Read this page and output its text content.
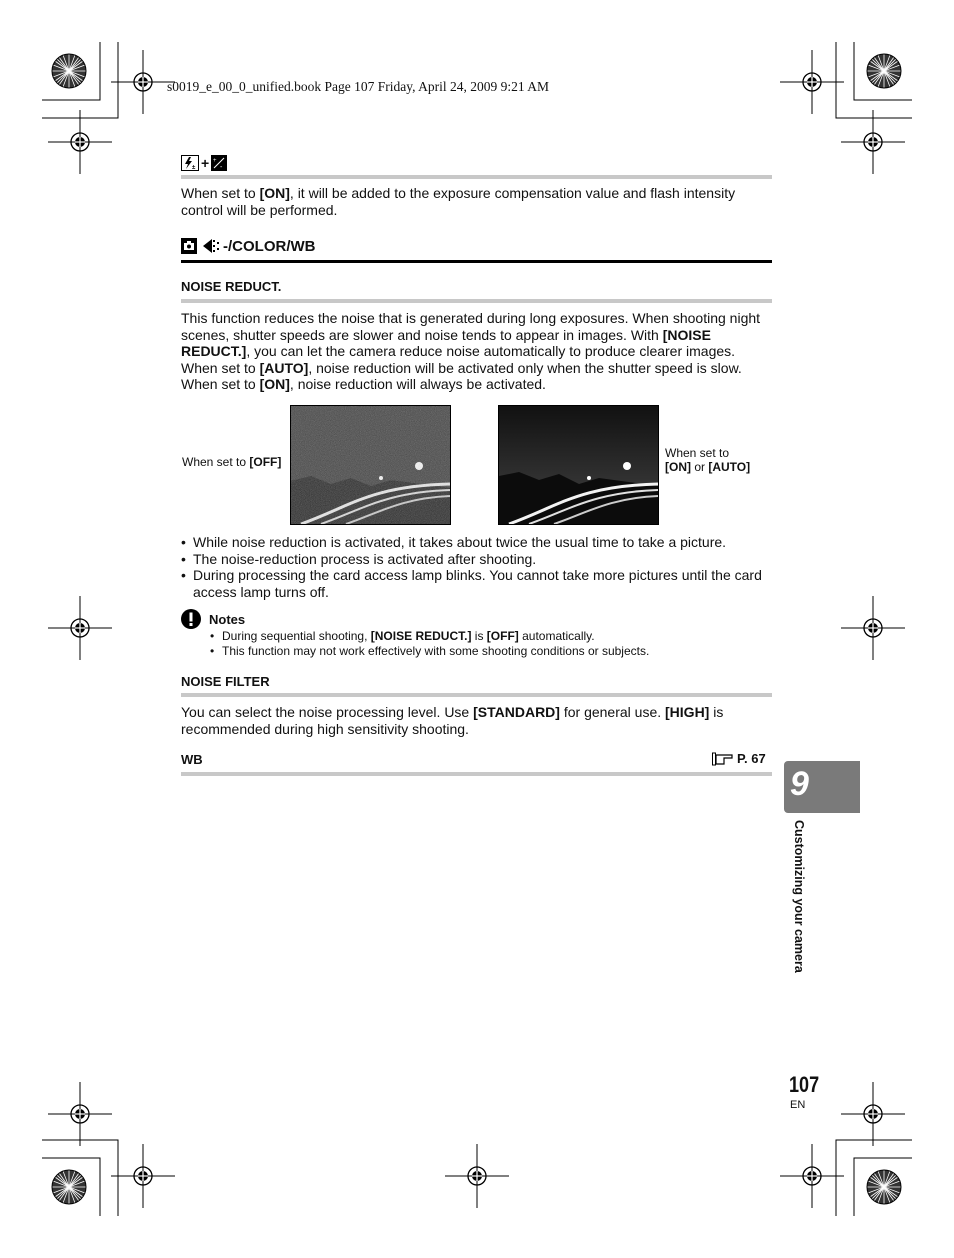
s0019_e_00_0_unified.book Page 107 Friday, April 24, 2009 9:21 AM
± + +
-
When set to [ON], it will be added to the exposure compensation value and flash intensity control will be performed.
-/COLOR/WB
NOISE REDUCT.
This function reduces the noise that is generated during long exposures. When shooting night scenes, shutter speeds are slower and noise tends to appear in images. With [NOISE REDUCT.], you can let the camera reduce noise automatically to produce clearer images. When set to [AUTO], noise reduction will be activated only when the shutter speed is slow. When set to [ON], noise reduction will always be activated.
When set to [OFF]
When set to
[ON] or [AUTO]
• While noise reduction is activated, it takes about twice the usual time to take a picture.
• The noise-reduction process is activated after shooting.
• During processing the card access lamp blinks. You cannot take more pictures until the card access lamp turns off.
Notes
• During sequential shooting, [NOISE REDUCT.] is [OFF] automatically.
• This function may not work effectively with some shooting conditions or subjects.
NOISE FILTER
You can select the noise processing level. Use [STANDARD] for general use. [HIGH] is recommended during high sensitivity shooting.
WB	P. 67
9
Customizing your camera
107
EN
